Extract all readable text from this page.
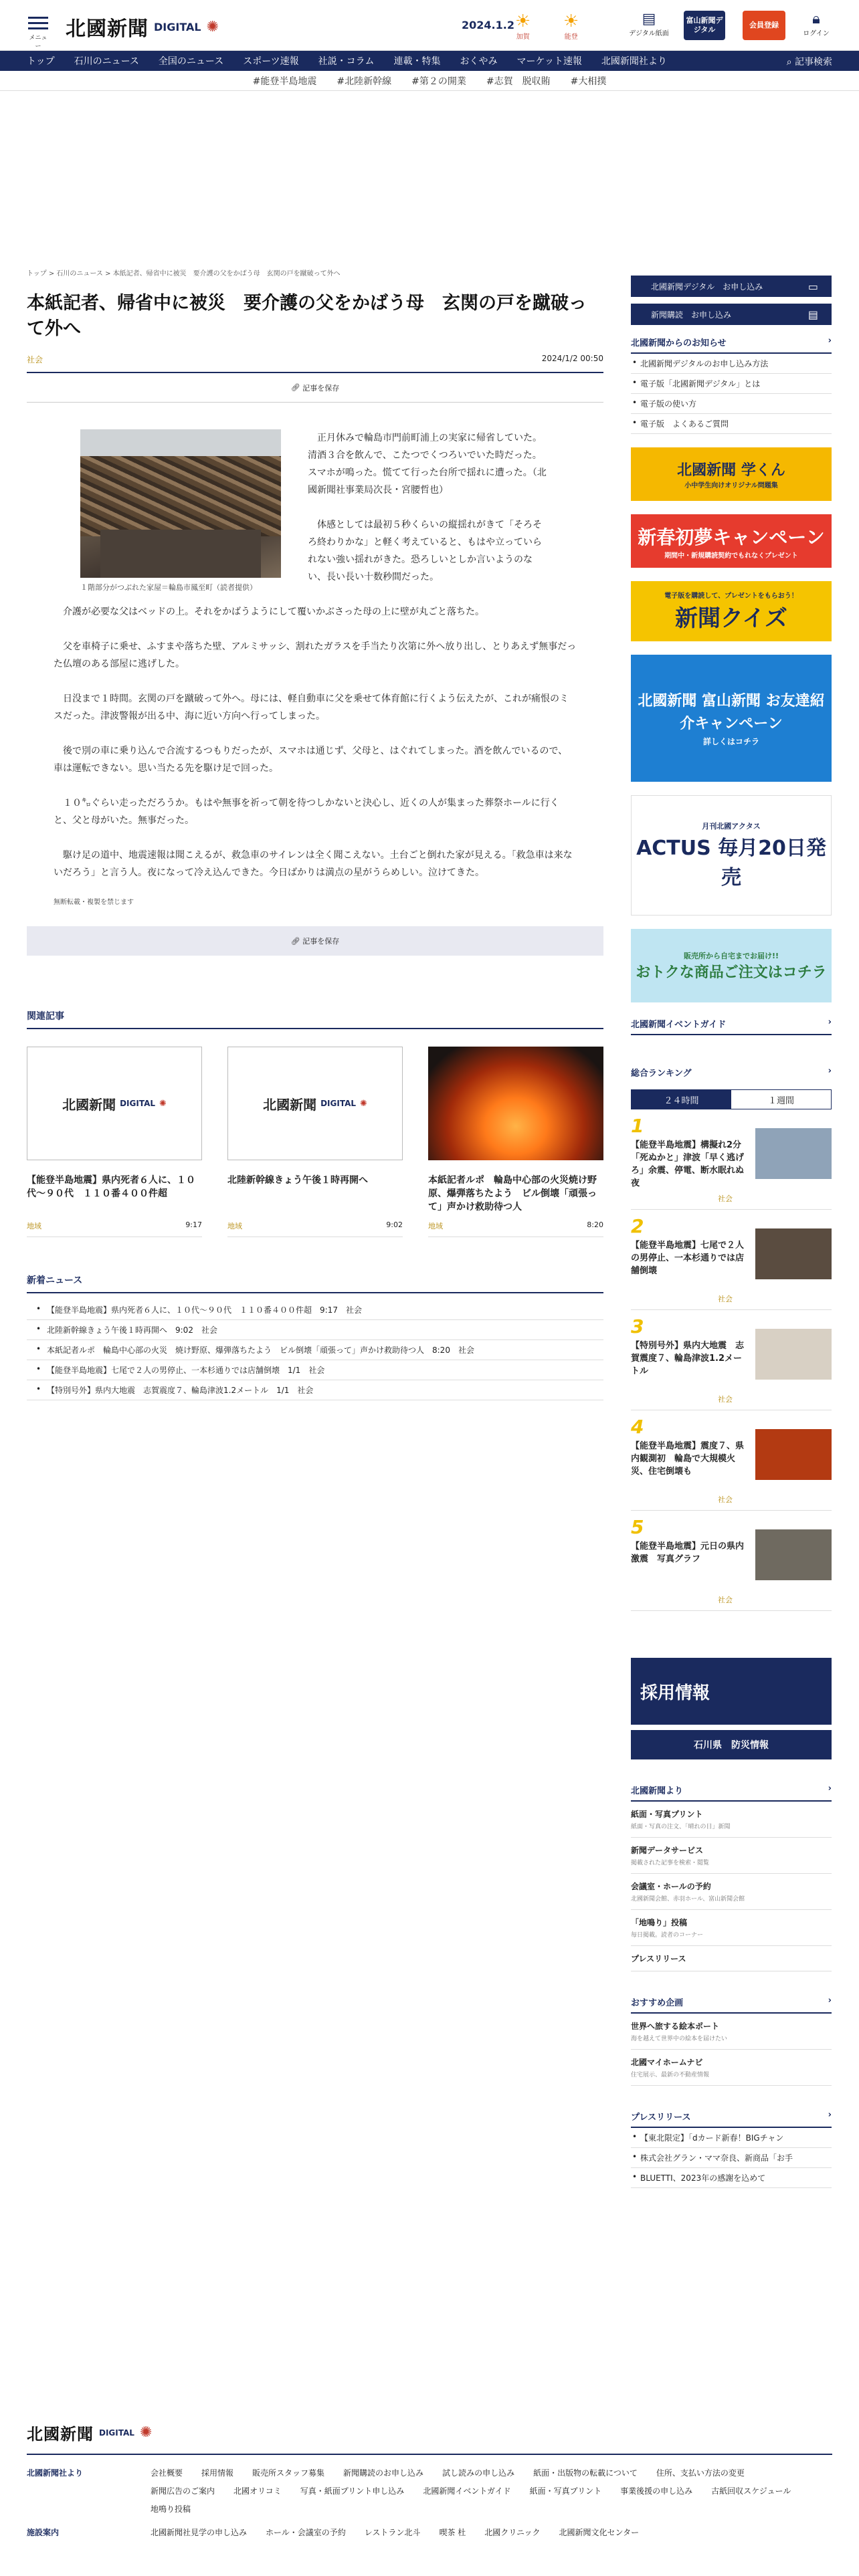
メニュー
北國新聞 DIGITAL ✺	2024.1.2 ☀
加賀
☀
能登
▤
デジタル紙面
富山新聞デジタル
会員登録	🔒︎
ログイン
トップ 石川のニュース 全国のニュース スポーツ速報 社説・コラム 連載・特集 おくやみ マーケット速報 北國新聞社より	⌕ 記事検索
#能登半島地震 #北陸新幹線 #第２の開業 #志賀　脱収賄 #大相撲
トップ > 石川のニュース > 本紙記者、帰省中に被災　要介護の父をかばう母　玄関の戸を蹴破って外へ
本紙記者、帰省中に被災　要介護の父をかばう母　玄関の戸を蹴破って外へ
社会	2024/1/2 00:50
🔗︎ 記事を保存
１階部分がつぶれた家屋＝輪島市鳳至町（読者提供）

正月休みで輪島市門前町浦上の実家に帰省していた。清酒３合を飲んで、こたつでくつろいでいた時だった。スマホが鳴った。慌てて行った台所で揺れに遭った。（北國新聞社事業局次長・宮腰哲也）

体感としては最初５秒くらいの縦揺れがきて「そろそろ終わりかな」と軽く考えていると、もはや立っていられない強い揺れがきた。恐ろしいとしか言いようのない、長い長い十数秒間だった。

介護が必要な父はベッドの上。それをかばうようにして覆いかぶさった母の上に壁が丸ごと落ちた。

父を車椅子に乗せ、ふすまや落ちた壁、アルミサッシ、割れたガラスを手当たり次第に外へ放り出し、とりあえず無事だった仏壇のある部屋に逃げした。

日没まで１時間。玄関の戸を蹴破って外へ。母には、軽自動車に父を乗せて体育館に行くよう伝えたが、これが痛恨のミスだった。津波警報が出る中、海に近い方向へ行ってしまった。

後で別の車に乗り込んで合流するつもりだったが、スマホは通じず、父母と、はぐれてしまった。酒を飲んでいるので、車は運転できない。思い当たる先を駆け足で回った。

１０㌔ぐらい走っただろうか。もはや無事を祈って朝を待つしかないと決心し、近くの人が集まった葬祭ホールに行くと、父と母がいた。無事だった。

駆け足の道中、地震速報は聞こえるが、救急車のサイレンは全く聞こえない。土台ごと倒れた家が見える。「救急車は来ないだろう」と言う人。夜になって冷え込んできた。今日ばかりは満点の星がうらめしい。泣けてきた。

無断転載・複製を禁じます
🔗︎ 記事を保存
関連記事
北國新聞 DIGITAL ✺
【能登半島地震】県内死者６人に、１０代〜９０代　１１０番４００件超
地域	9:17
北國新聞 DIGITAL ✺
北陸新幹線きょう午後１時再開へ
地域	9:02
本紙記者ルポ　輪島中心部の火災焼け野原、爆弾落ちたよう　ビル倒壊「頑張って」声かけ救助待つ人
地域	8:20
新着ニュース
• 【能登半島地震】県内死者６人に、１０代〜９０代　１１０番４００件超　9:17　社会
• 北陸新幹線きょう午後１時再開へ　9:02　社会
• 本紙記者ルポ　輪島中心部の火災　焼け野原、爆弾落ちたよう　ビル倒壊「頑張って」声かけ救助待つ人　8:20　社会
• 【能登半島地震】七尾で２人の男停止、一本杉通りでは店舗倒壊　1/1　社会
• 【特別号外】県内大地震　志賀震度７、輪島津波1.2メートル　1/1　社会
北國新聞デジタル　お申し込み	▭
新聞購読　お申し込み	▤
北國新聞からのお知らせ	›
• 北國新聞デジタルのお申し込み方法
• 電子版「北國新聞デジタル」とは
• 電子版の使い方
• 電子版　よくあるご質問
北國新聞 学くん
小中学生向けオリジナル問題集
新春初夢キャンペーン
期間中・新規購読契約でもれなくプレゼント
電子版を購読して、プレゼントをもらおう！
新聞クイズ
北國新聞 富山新聞 お友達紹介キャンペーン
詳しくはコチラ
月刊北國アクタス
ACTUS 毎月20日発売
販売所から自宅までお届け!!
おトクな商品ご注文はコチラ
北國新聞イベントガイド	›
総合ランキング	›
２４時間	１週間
1
【能登半島地震】構擬れ2分「死ぬかと」津波「早く逃げろ」余震、停電、断水眠れぬ夜
社会
2
【能登半島地震】七尾で２人の男停止、一本杉通りでは店舗倒壊
社会
3
【特別号外】県内大地震　志賀震度７、輪島津波1.2メートル
社会
4
【能登半島地震】震度７、県内観測初　輪島で大規模火災、住宅倒壊も
社会
5
【能登半島地震】元日の県内激震　写真グラフ
社会
採用情報
石川県　防災情報
北國新聞より	›
紙面・写真プリント
紙面・写真の注文、「晴れの日」新聞
新聞データサービス
掲載された記事を検索・閲覧
会議室・ホールの予約
北國新聞会館、赤羽ホール、富山新聞会館
「地鳴り」投稿
毎日掲載。読者のコーナー
プレスリリース
おすすめ企画	›
世界へ旅する絵本ポート
海を越えて世界中の絵本を届けたい
北國マイホームナビ
住宅展示、最新の不動産情報
プレスリリース	›
• 【東北限定】「dカード新春！BIGチャン
• 株式会社グラン・ママ奈良、新商品「お手
• BLUETTI、2023年の感謝を込めて
北國新聞 DIGITAL ✺
北國新聞社より	会社概要 採用情報 販売所スタッフ募集 新聞購読のお申し込み 試し読みの申し込み 紙面・出版物の転載について 住所、支払い方法の変更
新聞広告のご案内 北國オリコミ 写真・紙面プリント申し込み 北國新聞イベントガイド 紙面・写真プリント 事業後援の申し込み 古紙回収スケジュール
地鳴り投稿
施設案内	北國新聞社見学の申し込み ホール・会議室の予約 レストラン北斗 喫茶 杜 北國クリニック 北國新聞文化センター
